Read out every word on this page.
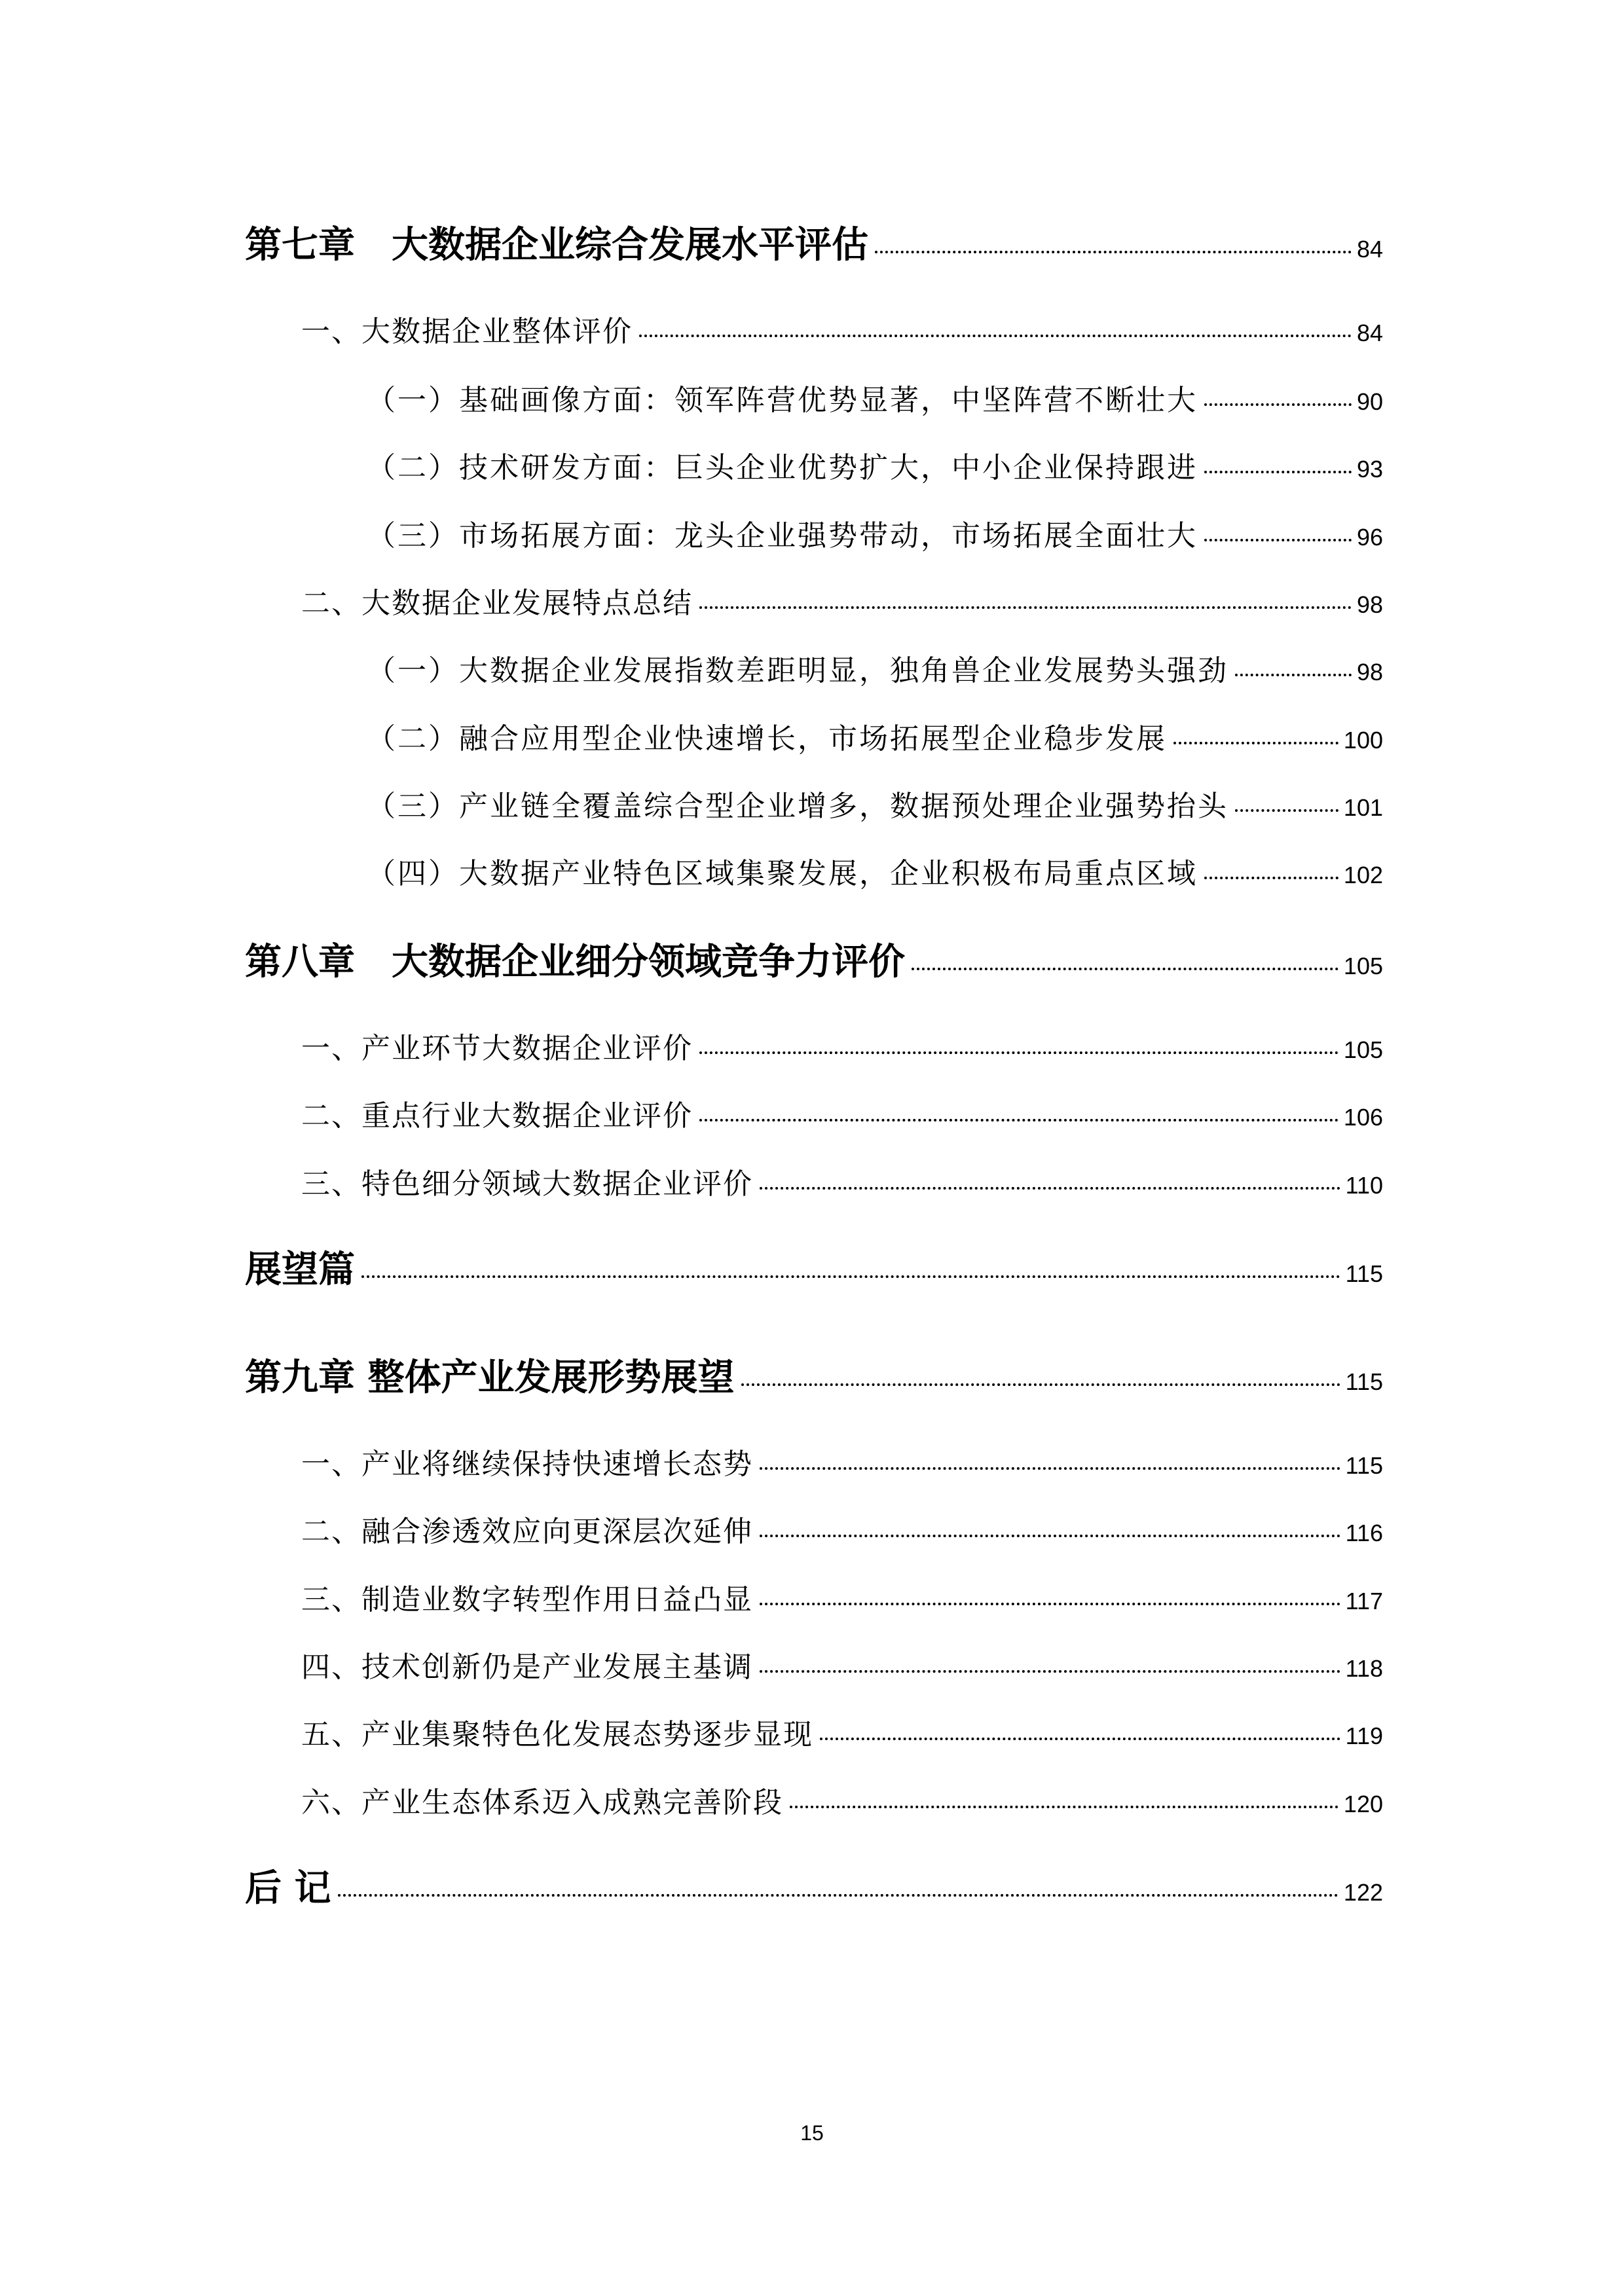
第七章　大数据企业综合发展水平评估	84
一、大数据企业整体评价	84
（一）基础画像方面：领军阵营优势显著，中坚阵营不断壮大	90
（二）技术研发方面：巨头企业优势扩大，中小企业保持跟进	93
（三）市场拓展方面：龙头企业强势带动，市场拓展全面壮大	96
二、大数据企业发展特点总结	98
（一）大数据企业发展指数差距明显，独角兽企业发展势头强劲	98
（二）融合应用型企业快速增长，市场拓展型企业稳步发展	100
（三）产业链全覆盖综合型企业增多，数据预处理企业强势抬头	101
（四）大数据产业特色区域集聚发展，企业积极布局重点区域	102
第八章　大数据企业细分领域竞争力评价	105
一、产业环节大数据企业评价	105
二、重点行业大数据企业评价	106
三、特色细分领域大数据企业评价	110
展望篇	115
第九章 整体产业发展形势展望	115
一、产业将继续保持快速增长态势	115
二、融合渗透效应向更深层次延伸	116
三、制造业数字转型作用日益凸显	117
四、技术创新仍是产业发展主基调	118
五、产业集聚特色化发展态势逐步显现	119
六、产业生态体系迈入成熟完善阶段	120
后 记	122
15
